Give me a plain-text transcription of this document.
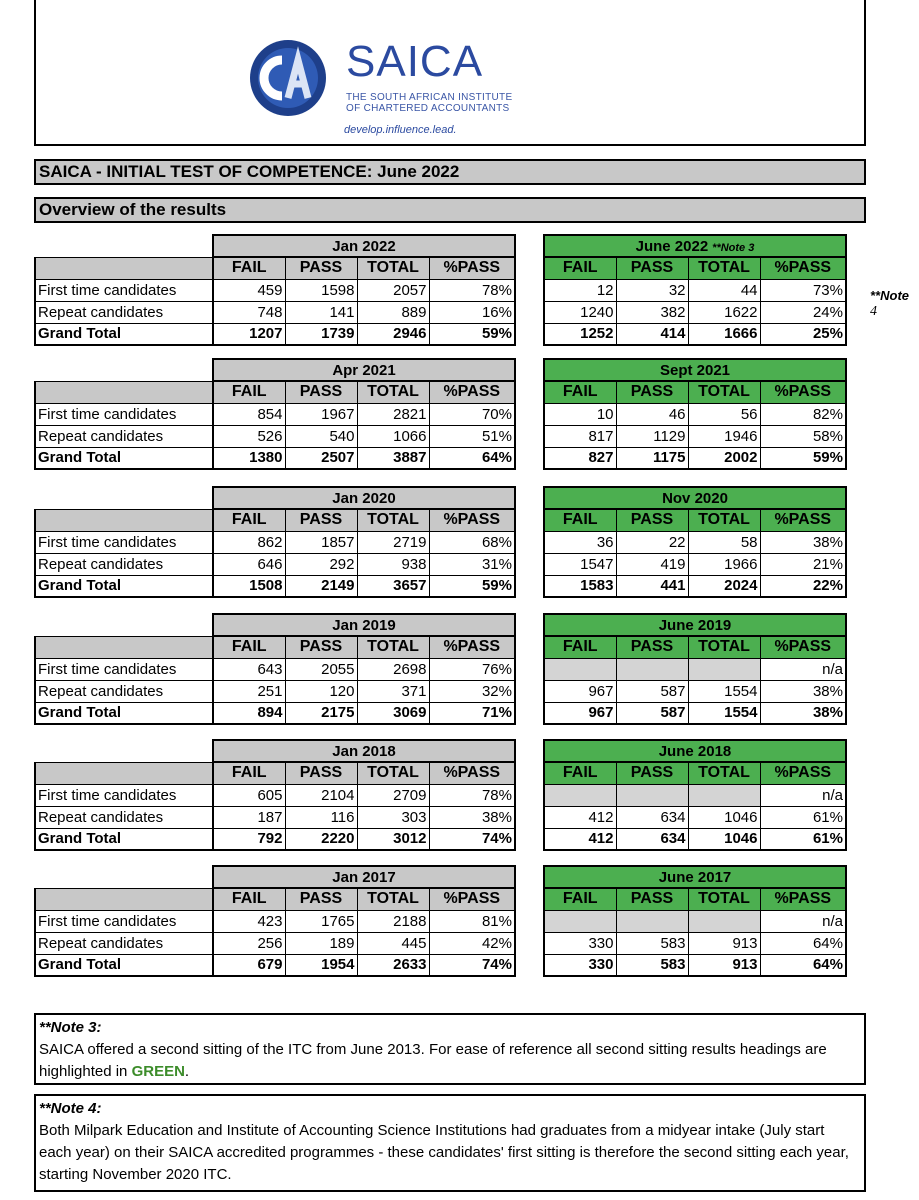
SAICA
THE SOUTH AFRICAN INSTITUTE
OF CHARTERED ACCOUNTANTS
develop.influence.lead.
SAICA - INITIAL TEST OF COMPETENCE: June 2022
Overview of the results
	Jan 2022			
	FAIL	PASS	TOTAL	%PASS
First time candidates	459	1598	2057	78%
Repeat candidates	748	141	889	16%
Grand Total	1207	1739	2946	59%
June 2022 **Note 3			
FAIL	PASS	TOTAL	%PASS
12	32	44	73%
1240	382	1622	24%
1252	414	1666	25%
	Apr 2021			
	FAIL	PASS	TOTAL	%PASS
First time candidates	854	1967	2821	70%
Repeat candidates	526	540	1066	51%
Grand Total	1380	2507	3887	64%
Sept 2021			
FAIL	PASS	TOTAL	%PASS
10	46	56	82%
817	1129	1946	58%
827	1175	2002	59%
	Jan 2020			
	FAIL	PASS	TOTAL	%PASS
First time candidates	862	1857	2719	68%
Repeat candidates	646	292	938	31%
Grand Total	1508	2149	3657	59%
Nov 2020			
FAIL	PASS	TOTAL	%PASS
36	22	58	38%
1547	419	1966	21%
1583	441	2024	22%
	Jan 2019			
	FAIL	PASS	TOTAL	%PASS
First time candidates	643	2055	2698	76%
Repeat candidates	251	120	371	32%
Grand Total	894	2175	3069	71%
June 2019			
FAIL	PASS	TOTAL	%PASS
			n/a
967	587	1554	38%
967	587	1554	38%
	Jan 2018			
	FAIL	PASS	TOTAL	%PASS
First time candidates	605	2104	2709	78%
Repeat candidates	187	116	303	38%
Grand Total	792	2220	3012	74%
June 2018			
FAIL	PASS	TOTAL	%PASS
			n/a
412	634	1046	61%
412	634	1046	61%
	Jan 2017			
	FAIL	PASS	TOTAL	%PASS
First time candidates	423	1765	2188	81%
Repeat candidates	256	189	445	42%
Grand Total	679	1954	2633	74%
June 2017			
FAIL	PASS	TOTAL	%PASS
			n/a
330	583	913	64%
330	583	913	64%
**Note 4
**Note 3:
SAICA offered a second sitting of the ITC from June 2013. For ease of reference all second sitting results headings are highlighted in GREEN.
**Note 4:
Both Milpark Education and Institute of Accounting Science Institutions had graduates from a midyear intake (July start each year) on their SAICA accredited programmes - these candidates' first sitting is therefore the second sitting each year, starting November 2020 ITC.
